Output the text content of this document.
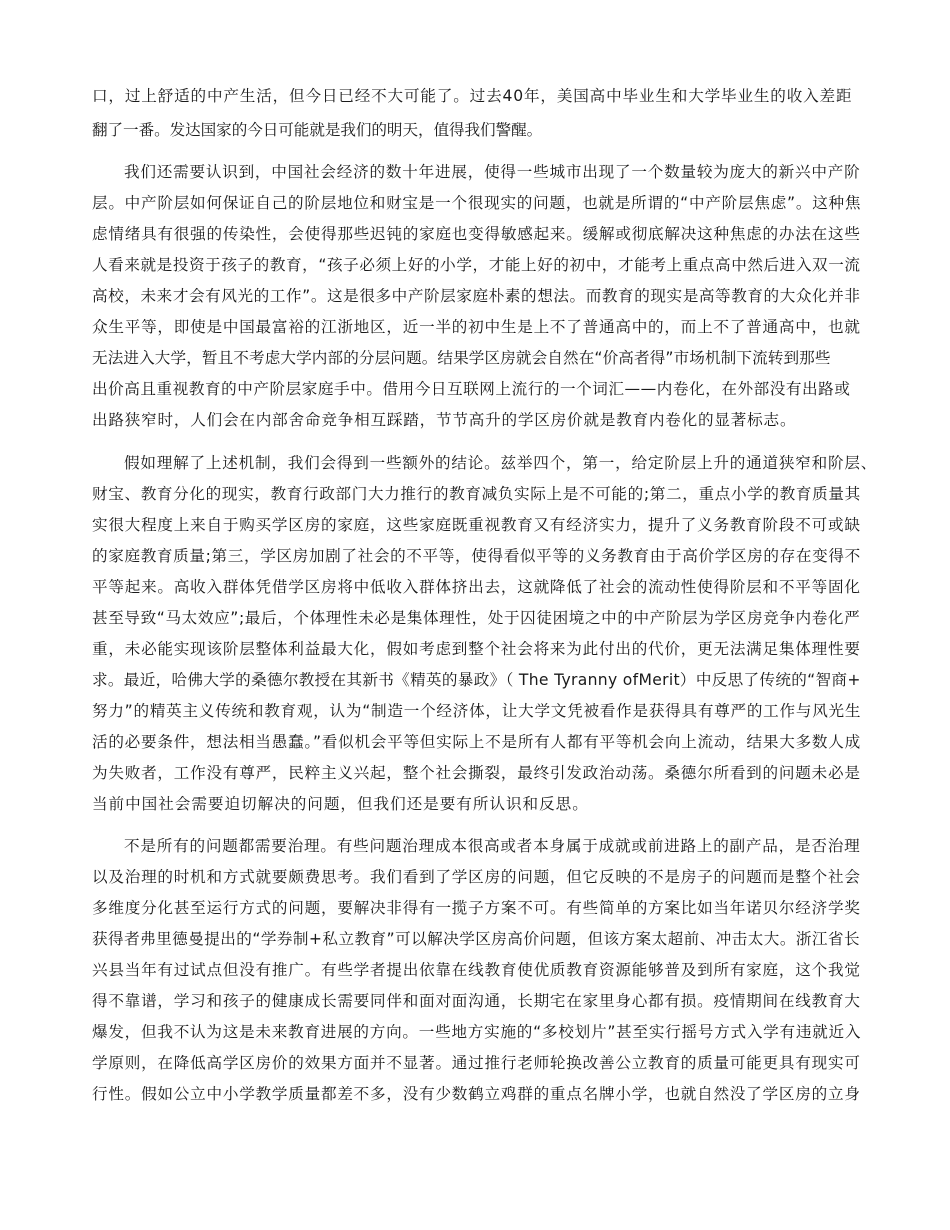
口，过上舒适的中产生活，但今日已经不大可能了。过去40年，美国高中毕业生和大学毕业生的收入差距
翻了一番。发达国家的今日可能就是我们的明天，值得我们警醒。
我们还需要认识到，中国社会经济的数十年进展，使得一些城市出现了一个数量较为庞大的新兴中产阶
层。中产阶层如何保证自己的阶层地位和财宝是一个很现实的问题，也就是所谓的“中产阶层焦虑”。这种焦
虑情绪具有很强的传染性，会使得那些迟钝的家庭也变得敏感起来。缓解或彻底解决这种焦虑的办法在这些
人看来就是投资于孩子的教育，“孩子必须上好的小学，才能上好的初中，才能考上重点高中然后进入双一流
高校，未来才会有风光的工作”。这是很多中产阶层家庭朴素的想法。而教育的现实是高等教育的大众化并非
众生平等，即使是中国最富裕的江浙地区，近一半的初中生是上不了普通高中的，而上不了普通高中，也就
无法进入大学，暂且不考虑大学内部的分层问题。结果学区房就会自然在“价高者得”市场机制下流转到那些
出价高且重视教育的中产阶层家庭手中。借用今日互联网上流行的一个词汇——内卷化，在外部没有出路或
出路狭窄时，人们会在内部舍命竞争相互踩踏，节节高升的学区房价就是教育内卷化的显著标志。
假如理解了上述机制，我们会得到一些额外的结论。兹举四个，第一，给定阶层上升的通道狭窄和阶层、
财宝、教育分化的现实，教育行政部门大力推行的教育减负实际上是不可能的;第二，重点小学的教育质量其
实很大程度上来自于购买学区房的家庭，这些家庭既重视教育又有经济实力，提升了义务教育阶段不可或缺
的家庭教育质量;第三，学区房加剧了社会的不平等，使得看似平等的义务教育由于高价学区房的存在变得不
平等起来。高收入群体凭借学区房将中低收入群体挤出去，这就降低了社会的流动性使得阶层和不平等固化
甚至导致“马太效应”;最后，个体理性未必是集体理性，处于囚徒困境之中的中产阶层为学区房竞争内卷化严
重，未必能实现该阶层整体利益最大化，假如考虑到整个社会将来为此付出的代价，更无法满足集体理性要
求。最近，哈佛大学的桑德尔教授在其新书《精英的暴政》（ The Tyranny ofMerit）中反思了传统的“智商+
努力”的精英主义传统和教育观，认为“制造一个经济体，让大学文凭被看作是获得具有尊严的工作与风光生
活的必要条件，想法相当愚蠢。”看似机会平等但实际上不是所有人都有平等机会向上流动，结果大多数人成
为失败者，工作没有尊严，民粹主义兴起，整个社会撕裂，最终引发政治动荡。桑德尔所看到的问题未必是
当前中国社会需要迫切解决的问题，但我们还是要有所认识和反思。
不是所有的问题都需要治理。有些问题治理成本很高或者本身属于成就或前进路上的副产品，是否治理
以及治理的时机和方式就要颇费思考。我们看到了学区房的问题，但它反映的不是房子的问题而是整个社会
多维度分化甚至运行方式的问题，要解决非得有一揽子方案不可。有些简单的方案比如当年诺贝尔经济学奖
获得者弗里德曼提出的“学券制+私立教育”可以解决学区房高价问题，但该方案太超前、冲击太大。浙江省长
兴县当年有过试点但没有推广。有些学者提出依靠在线教育使优质教育资源能够普及到所有家庭，这个我觉
得不靠谱，学习和孩子的健康成长需要同伴和面对面沟通，长期宅在家里身心都有损。疫情期间在线教育大
爆发，但我不认为这是未来教育进展的方向。一些地方实施的“多校划片”甚至实行摇号方式入学有违就近入
学原则，在降低高学区房价的效果方面并不显著。通过推行老师轮换改善公立教育的质量可能更具有现实可
行性。假如公立中小学教学质量都差不多，没有少数鹤立鸡群的重点名牌小学，也就自然没了学区房的立身
